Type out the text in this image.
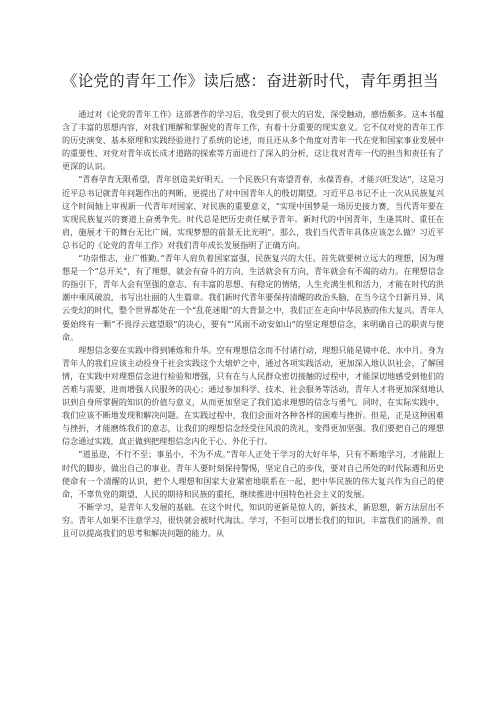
《论党的青年工作》读后感：奋进新时代，青年勇担当

通过对《论党的青年工作》这部著作的学习后，我受到了很大的启发，深受触动，感悟颇多。这本书蕴含了丰富的思想内容，对我们理解和掌握党的青年工作，有着十分重要的现实意义。它不仅对党的青年工作的历史演变、基本原理和实践经验进行了系统的论述，而且还从多个角度对青年一代在党和国家事业发展中的重要性、对党对青年成长成才道路的探索等方面进行了深入的分析，这让我对青年一代的担当和责任有了更深的认识。

“青春孕育无限希望，青年创造美好明天。一个民族只有寄望青春，永葆青春，才能兴旺发达”，这是习近平总书记就青年问题作出的判断，更提出了对中国青年人的殷切期望。习近平总书记不止一次从民族复兴这个时间轴上审视新一代青年对国家、对民族的重要意义，“实现中国梦是一场历史接力赛，当代青年要在实现民族复兴的赛道上奋勇争先。时代总是把历史责任赋予青年。新时代的中国青年，生逢其时、重任在肩，施展才干的舞台无比广阔，实现梦想的前景无比光明”。那么，我们当代青年具体应该怎么做？习近平总书记的《论党的青年工作》对我们青年成长发展指明了正确方向。

“功崇惟志，业广惟勤。”青年人肩负着国家富强，民族复兴的大任。首先就要树立远大的理想，因为理想是一个“总开关”，有了理想，就会有奋斗的方向，生活就会有方向，青年就会有不竭的动力。在理想信念的指引下，青年人会有坚强的意志、有丰富的思想、有稳定的情绪，人生充满生机和活力，才能在时代的洪潮中乘风破浪，书写出壮丽的人生篇章。我们新时代青年要保持清醒的政治头脑，在当今这个日新月异、风云变幻的时代，整个世界都处在一个“乱花迷眼”的大背景之中，我们正在走向中华民族的伟大复兴。青年人要始终有一颗“不畏浮云遮望眼”的决心，要有“‘风雨不动安如山”的坚定理想信念，来明确自己的职责与使命。

理想信念要在实践中得到锤炼和升华。空有理想信念而不付诸行动，理想只能是镜中花、水中月。身为青年人的我们应该主动投身于社会实践这个大熔炉之中，通过各项实践活动，更加深入地认识社会，了解国情，在实践中对理想信念进行检验和增强，只有在与人民群众密切接触的过程中，才能深切地感受到他们的苦难与需要，进而增强人民服务的决心；通过参加科学、技术、社会服务等活动，青年人才将更加深刻地认识到自身所掌握的知识的价值与意义，从而更加坚定了我们追求理想的信念与勇气。同时，在实际实践中，我们应该不断地发现和解决问题。在实践过程中，我们会面对各种各样的困难与挫折。但是，正是这种困难与挫折，才能磨练我们的意志，让我们的理想信念经受住风浪的洗礼，变得更加坚强。我们要把自己的理想信念通过实践，真正做到把理想信念内化于心、外化于行。

“道虽迩，不行不至；事虽小，不为不成。”青年人正处于学习的大好年华，只有不断地学习，才能跟上时代的脚步，做出自己的事业。青年人要时刻保持警惕，坚定自己的步伐，要对自己所处的时代际遇和历史使命有一个清醒的认识，把个人理想和国家大业紧密地联系在一起，把中华民族的伟大复兴作为自己的使命，不辜负党的期望、人民的期待和民族的重托，继续推进中国特色社会主义的发展。

不断学习，是青年人发展的基础。在这个时代，知识的更新是惊人的，新技术，新思想，新方法层出不穷。青年人如果不注意学习，很快就会被时代淘汰。学习，不但可以增长我们的知识，丰富我们的涵养，而且可以提高我们的思考和解决问题的能力。从
